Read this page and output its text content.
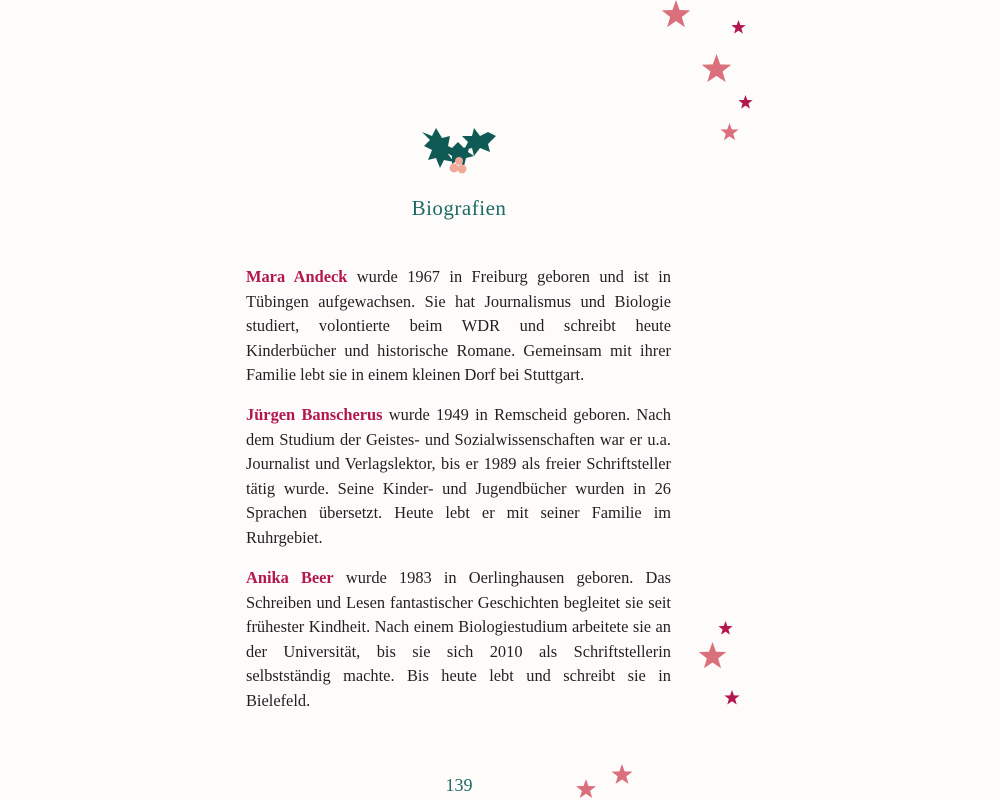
Biografien

Mara Andeck wurde 1967 in Freiburg geboren und ist in Tübingen aufgewachsen. Sie hat Journalismus und Biologie studiert, volontierte beim WDR und schreibt heute Kinderbücher und historische Romane. Gemeinsam mit ihrer Familie lebt sie in einem kleinen Dorf bei Stuttgart.

Jürgen Banscherus wurde 1949 in Remscheid geboren. Nach dem Studium der Geistes- und Sozialwissenschaften war er u.a. Journalist und Verlagslektor, bis er 1989 als freier Schriftsteller tätig wurde. Seine Kinder- und Jugendbücher wurden in 26 Sprachen übersetzt. Heute lebt er mit seiner Familie im Ruhrgebiet.

Anika Beer wurde 1983 in Oerlinghausen geboren. Das Schreiben und Lesen fantastischer Geschichten begleitet sie seit frühester Kindheit. Nach einem Biologiestudium arbeitete sie an der Universität, bis sie sich 2010 als Schriftstellerin selbstständig machte. Bis heute lebt und schreibt sie in Bielefeld.

139
